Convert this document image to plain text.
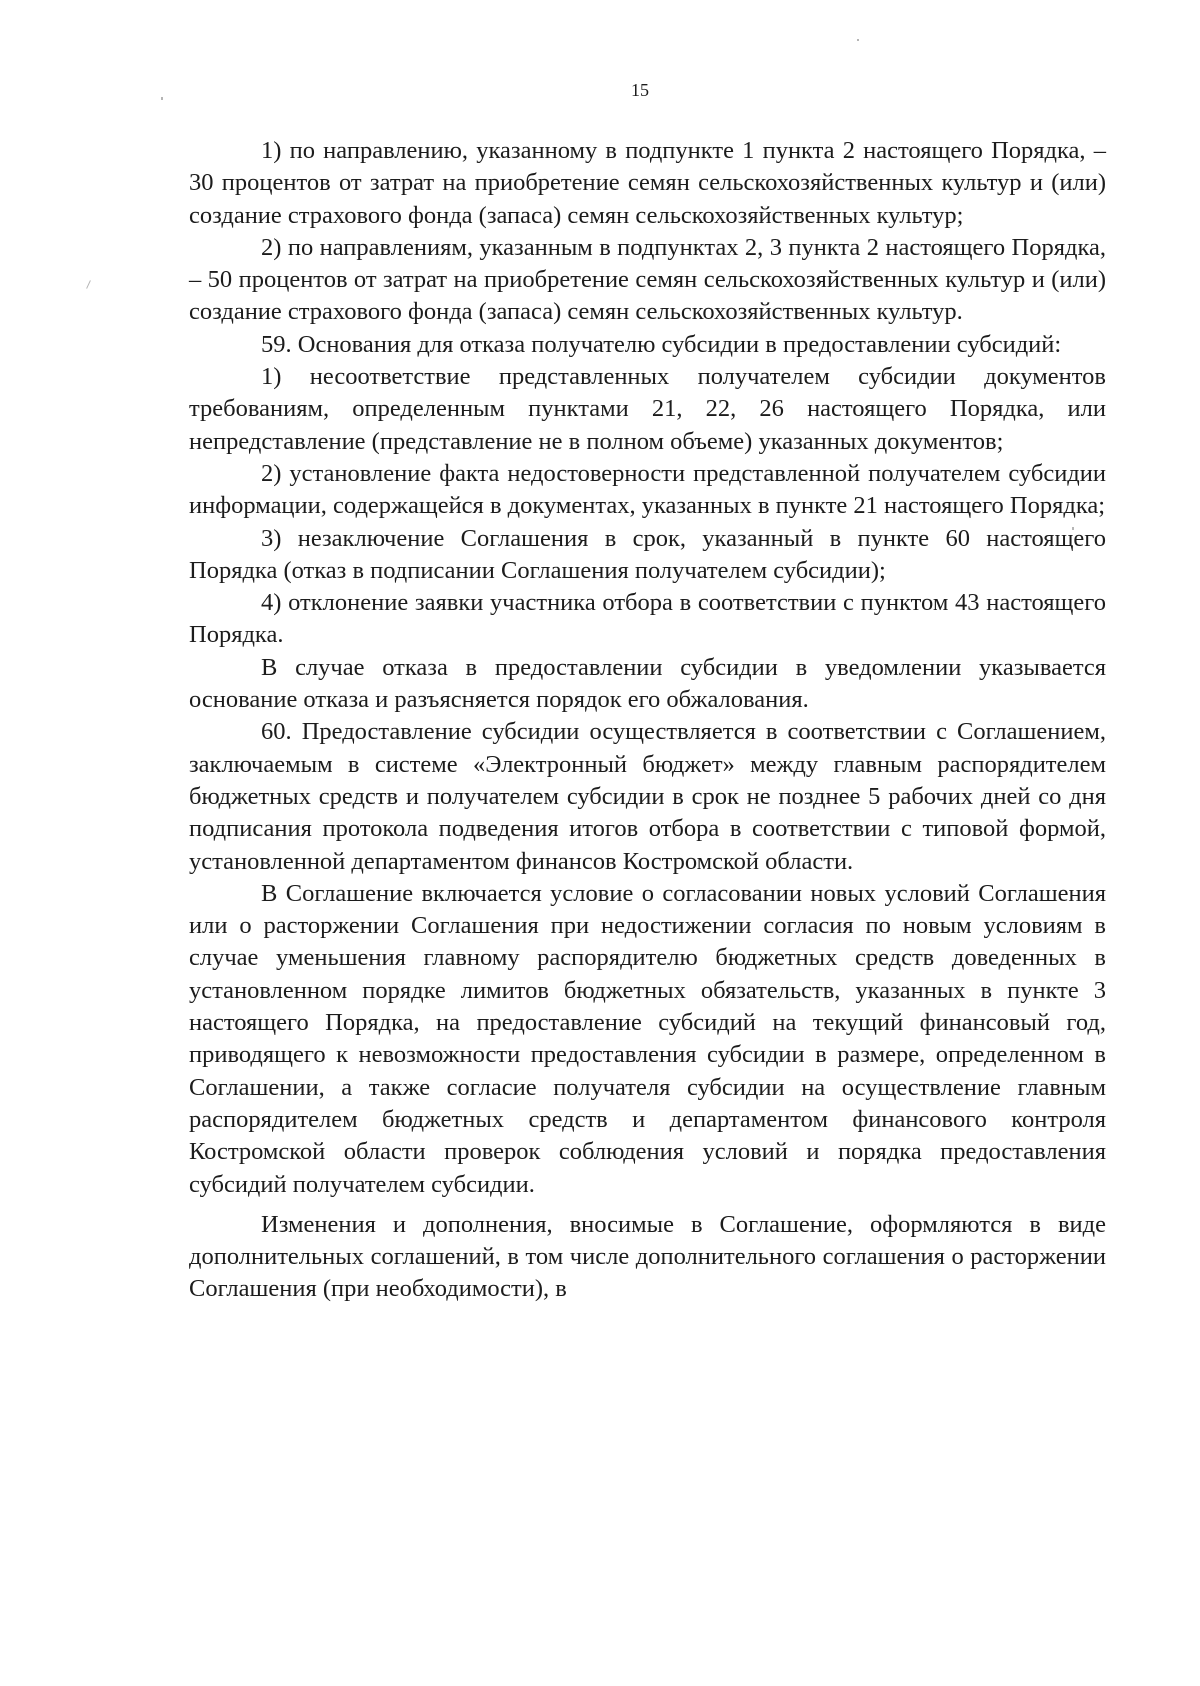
15

1) по направлению, указанному в подпункте 1 пункта 2 настоящего Порядка, – 30 процентов от затрат на приобретение семян сельскохозяйственных культур и (или) создание страхового фонда (запаса) семян сельскохозяйственных культур;

2) по направлениям, указанным в подпунктах 2, 3 пункта 2 настоящего Порядка, – 50 процентов от затрат на приобретение семян сельскохозяйственных культур и (или) создание страхового фонда (запаса) семян сельскохозяйственных культур.

59. Основания для отказа получателю субсидии в предоставлении субсидий:

1) несоответствие представленных получателем субсидии документов требованиям, определенным пунктами 21, 22, 26 настоящего Порядка, или непредставление (представление не в полном объеме) указанных документов;

2) установление факта недостоверности представленной получателем субсидии информации, содержащейся в документах, указанных в пункте 21 настоящего Порядка;

3) незаключение Соглашения в срок, указанный в пункте 60 настоящего Порядка (отказ в подписании Соглашения получателем субсидии);

4) отклонение заявки участника отбора в соответствии с пунктом 43 настоящего Порядка.

В случае отказа в предоставлении субсидии в уведомлении указывается основание отказа и разъясняется порядок его обжалования.

60. Предоставление субсидии осуществляется в соответствии с Соглашением, заключаемым в системе «Электронный бюджет» между главным распорядителем бюджетных средств и получателем субсидии в срок не позднее 5 рабочих дней со дня подписания протокола подведения итогов отбора в соответствии с типовой формой, установленной департаментом финансов Костромской области.

В Соглашение включается условие о согласовании новых условий Соглашения или о расторжении Соглашения при недостижении согласия по новым условиям в случае уменьшения главному распорядителю бюджетных средств доведенных в установленном порядке лимитов бюджетных обязательств, указанных в пункте 3 настоящего Порядка, на предоставление субсидий на текущий финансовый год, приводящего к невозможности предоставления субсидии в размере, определенном в Соглашении, а также согласие получателя субсидии на осуществление главным распорядителем бюджетных средств и департаментом финансового контроля Костромской области проверок соблюдения условий и порядка предоставления субсидий получателем субсидии.

Изменения и дополнения, вносимые в Соглашение, оформляются в виде дополнительных соглашений, в том числе дополнительного соглашения о расторжении Соглашения (при необходимости), в
